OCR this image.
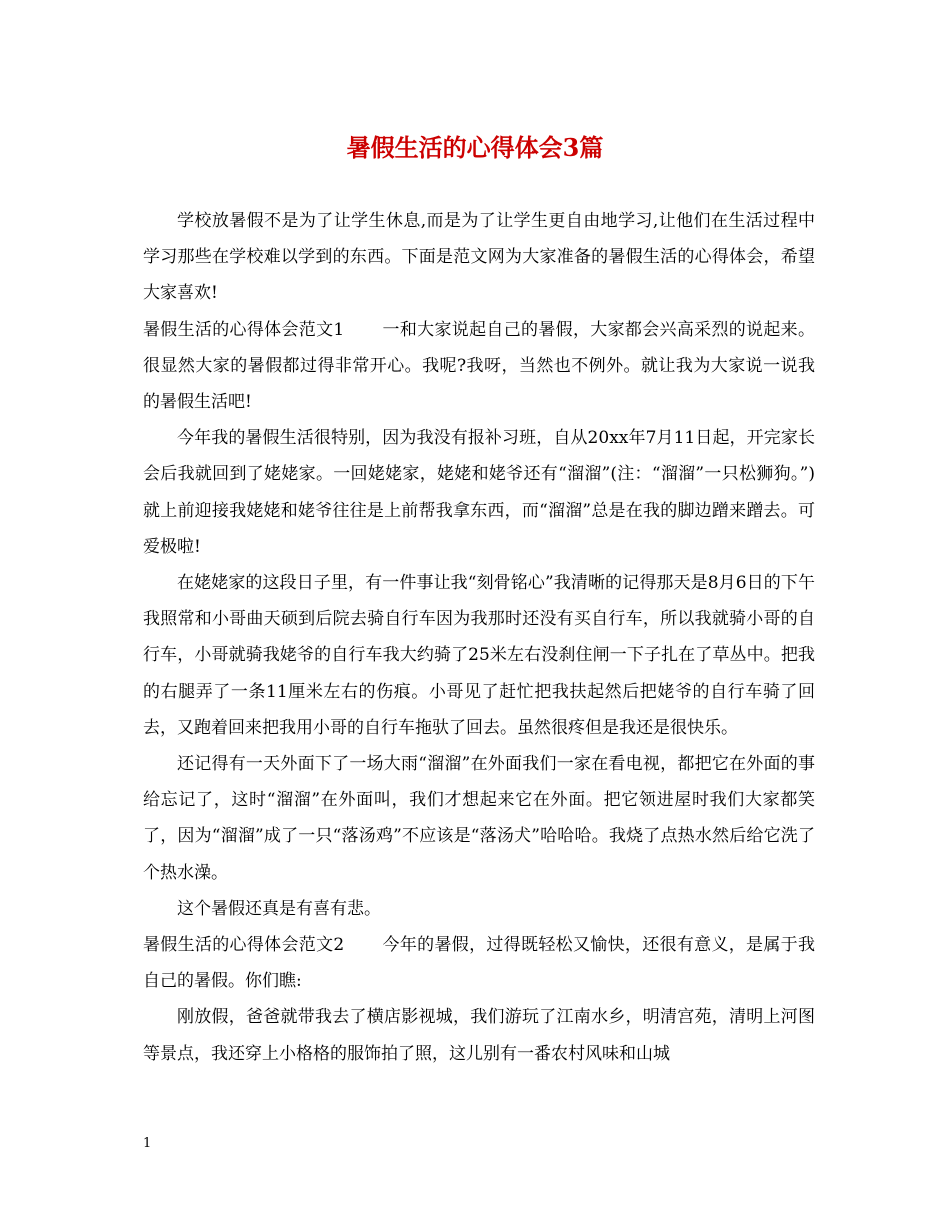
暑假生活的心得体会3篇

学校放暑假不是为了让学生休息,而是为了让学生更自由地学习,让他们在生活过程中学习那些在学校难以学到的东西。下面是范文网为大家准备的暑假生活的心得体会，希望大家喜欢!

暑假生活的心得体会范文1 一和大家说起自己的暑假，大家都会兴高采烈的说起来。很显然大家的暑假都过得非常开心。我呢?我呀，当然也不例外。就让我为大家说一说我的暑假生活吧!

今年我的暑假生活很特别，因为我没有报补习班，自从20xx年7月11日起，开完家长会后我就回到了姥姥家。一回姥姥家，姥姥和姥爷还有“溜溜”(注：“溜溜”一只松狮狗。”)就上前迎接我姥姥和姥爷往往是上前帮我拿东西，而“溜溜”总是在我的脚边蹭来蹭去。可爱极啦!

在姥姥家的这段日子里，有一件事让我“刻骨铭心”我清晰的记得那天是8月6日的下午我照常和小哥曲天硕到后院去骑自行车因为我那时还没有买自行车，所以我就骑小哥的自行车，小哥就骑我姥爷的自行车我大约骑了25米左右没刹住闸一下子扎在了草丛中。把我的右腿弄了一条11厘米左右的伤痕。小哥见了赶忙把我扶起然后把姥爷的自行车骑了回去，又跑着回来把我用小哥的自行车拖驮了回去。虽然很疼但是我还是很快乐。

还记得有一天外面下了一场大雨“溜溜”在外面我们一家在看电视，都把它在外面的事给忘记了，这时“溜溜”在外面叫，我们才想起来它在外面。把它领进屋时我们大家都笑了，因为“溜溜”成了一只“落汤鸡”不应该是“落汤犬”哈哈哈。我烧了点热水然后给它洗了个热水澡。

这个暑假还真是有喜有悲。

暑假生活的心得体会范文2 今年的暑假，过得既轻松又愉快，还很有意义，是属于我自己的暑假。你们瞧:

刚放假，爸爸就带我去了横店影视城，我们游玩了江南水乡，明清宫苑，清明上河图等景点，我还穿上小格格的服饰拍了照，这儿别有一番农村风味和山城

1
